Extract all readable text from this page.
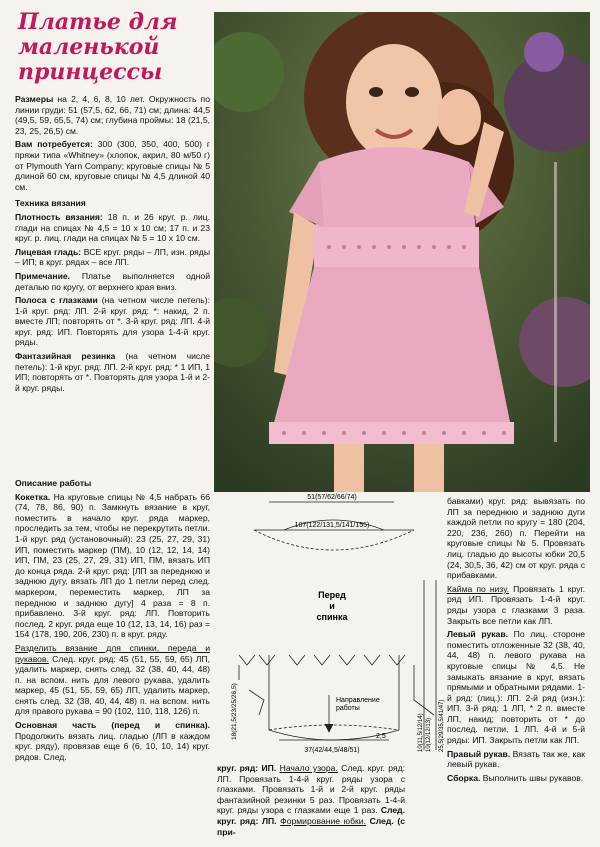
Платье для маленькой принцессы

Размеры на 2, 4, 6, 8, 10 лет. Окружность по линии груди: 51 (57,5, 62, 66, 71) см; длина: 44,5 (49,5, 59, 65,5, 74) см; глубина проймы: 18 (21,5, 23, 25, 26,5) см.

Вам потребуется: 300 (300, 350, 400, 500) г пряжи типа «Whitney» (хлопок, акрил, 80 м/50 г) от Plymouth Yarn Company; круговые спицы № 5 длиной 60 см, круговые спицы № 4,5 длиной 40 см.

Техника вязания

Плотность вязания: 18 п. и 26 круг. р. лиц. глади на спицах № 4,5 = 10 х 10 см; 17 п. и 23 круг. р. лиц. глади на спицах № 5 = 10 х 10 см.

Лицевая гладь: ВСЕ круг. ряды – ЛП, изн. ряды – ИП; в круг. рядах – все ЛП.

Примечание. Платье выполняется одной деталью по кругу, от верхнего края вниз.

Полоса с глазками (на четном числе петель): 1-й круг. ряд: ЛП. 2-й круг. ряд: *: накид, 2 п. вместе ЛП; повторять от *. 3-й круг. ряд: ЛП. 4-й круг. ряд: ИП. Повторять для узора 1-4-й круг. ряды.

Фантазийная резинка (на четном числе петель): 1-й круг. ряд: ЛП. 2-й круг. ряд: * 1 ИП, 1 ИП; повторять от *. Повторять для узора 1-й и 2-й круг. ряды.

Описание работы

Кокетка. На круговые спицы № 4,5 набрать 66 (74, 78, 86, 90) п. Замкнуть вязание в круг, поместить в начало круг. ряда маркер, проследить за тем, чтобы не перекрутить петли. 1-й круг. ряд (установочный): 23 (25, 27, 29, 31) ИП, поместить маркер (ПМ), 10 (12, 12, 14, 14) ИП, ПМ, 23 (25, 27, 29, 31) ИП, ПМ, вязать ИП до конца ряда. 2-й круг. ряд: [ЛП за переднюю и заднюю дугу, вязать ЛП до 1 петли перед след. маркером, переместить маркер, ЛП за переднюю и заднюю дугу] 4 раза = 8 п. прибавлено. 3-й круг. ряд: ЛП. Повторить послед. 2 круг. ряда еще 10 (12, 13, 14, 16) раз = 154 (178, 190, 206, 230) п. в круг. ряду.

Разделить вязание для спинки, переда и рукавов. След. круг. ряд: 45 (51, 55, 59, 65) ЛП, удалить маркер, снять след. 32 (38, 40, 44, 48) п. на вспом. нить для левого рукава, удалить маркер, 45 (51, 55, 59, 65) ЛП, удалить маркер, снять след. 32 (38, 40, 44, 48) п. на вспом. нить для правого рукава = 90 (102, 110, 118, 126) п.

Основная часть (перед и спинка). Продолжить вязать лиц. гладью (ЛП в каждом круг. ряду), провязав еще 6 (6, 10, 10, 14) круг. рядов. След.

51(57/62/66/74)
107(122/131,5/141/155)
Перед
и
спинка
Направление
работы
18(21,5/23/25/26,5)
37(42/44,5/48/51)
2,5	10(11,5/12/14) 10(12/12/13) 25,5(29/35,5/41/47)

круг. ряд: ИП. Начало узора. След. круг. ряд: ЛП. Провязать 1-4-й круг. ряды узора с глазками. Провязать 1-й и 2-й круг. ряды фантазийной резинки 5 раз. Провязать 1-4-й круг. ряды узора с глазками еще 1 раз. След. круг. ряд: ЛП. Формирование юбки. След. (с при-

бавками) круг. ряд: вывязать по ЛП за переднюю и заднюю дуги каждой петли по кругу = 180 (204, 220, 236, 260) п. Перейти на круговые спицы № 5. Провязать лиц. гладью до высоты юбки 20,5 (24, 30,5, 36, 42) см от круг. ряда с прибавками.

Кайма по низу. Провязать 1 круг. ряд ИП. Провязать 1-4-й круг. ряды узора с глазками 3 раза. Закрыть все петли как ЛП.

Левый рукав. По лиц. стороне поместить отложенные 32 (38, 40, 44, 48) п. левого рукава на круговые спицы № 4,5. Не замыкать вязание в круг, вязать прямыми и обратными рядами. 1-й ряд: (лиц.): ЛП. 2-й ряд (изн.): ИП. 3-й ряд: 1 ЛП, * 2 п. вместе ЛП, накид; повторить от * до послед. петли, 1 ЛП. 4-й и 5-й ряды: ИП. Закрыть петли как ЛП.

Правый рукав. Вязать так же, как левый рукав.

Сборка. Выполнить швы рукавов.
